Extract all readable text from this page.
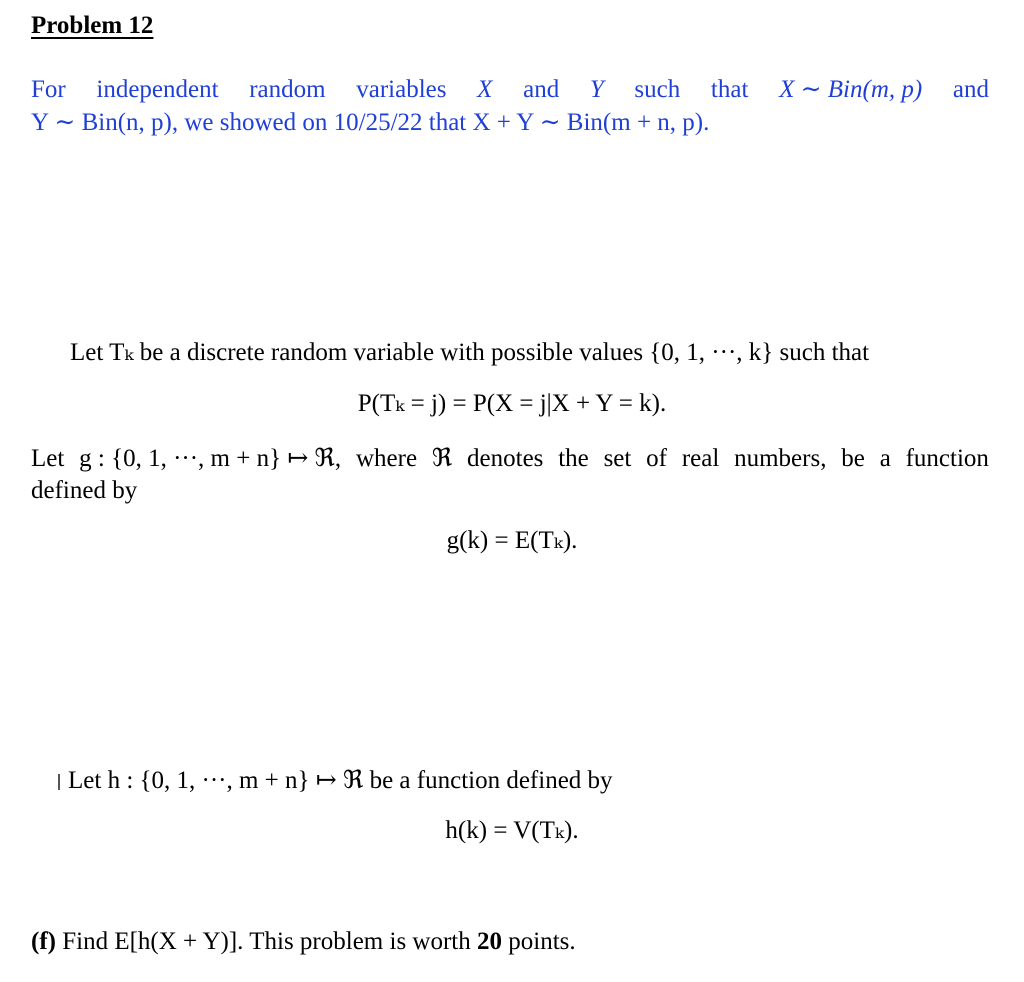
Problem 12
For independent random variables X and Y such that X ∼ Bin(m, p) and
Y ∼ Bin(n, p), we showed on 10/25/22 that X + Y ∼ Bin(m + n, p).
Let Tₖ be a discrete random variable with possible values {0, 1, ···, k} such that
P(Tₖ = j) = P(X = j|X + Y = k).
Let g : {0, 1, ···, m + n} ↦ ℜ, where ℜ denotes the set of real numbers, be a function
defined by
g(k) = E(Tₖ).
Let h : {0, 1, ···, m + n} ↦ ℜ be a function defined by
h(k) = V(Tₖ).
(f) Find E[h(X + Y)]. This problem is worth 20 points.
